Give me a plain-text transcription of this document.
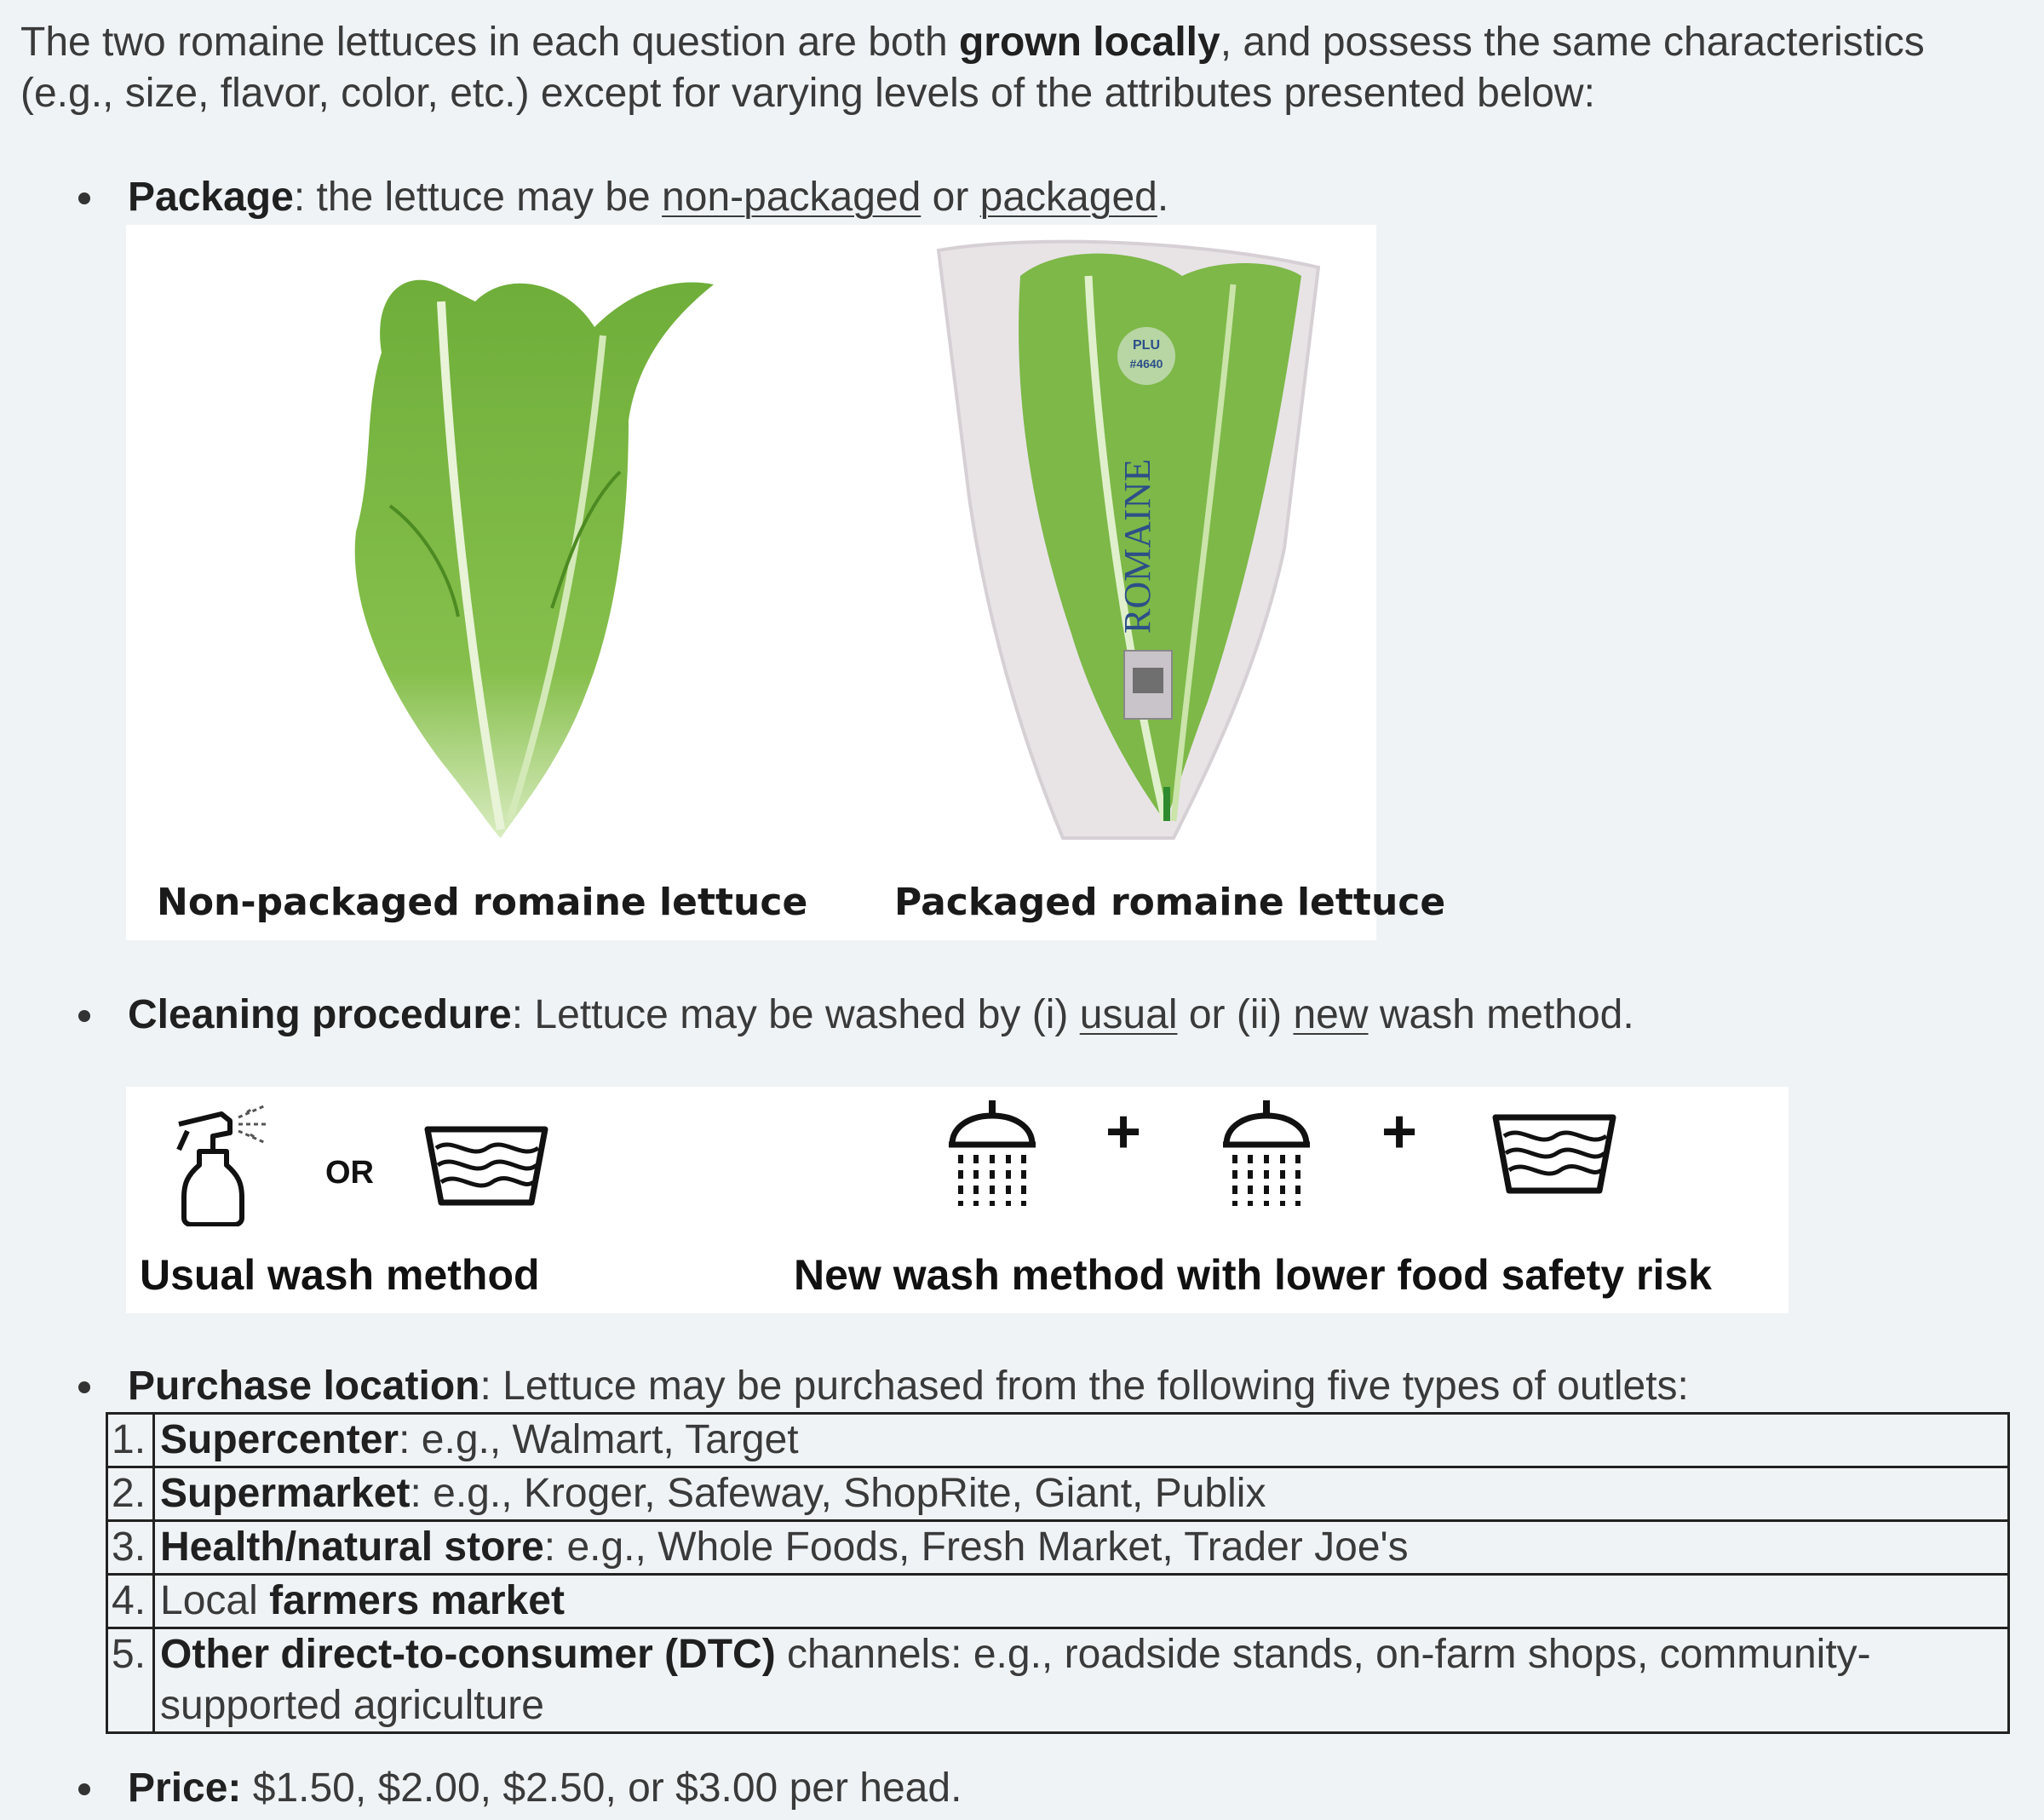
The two romaine lettuces in each question are both grown locally, and possess the same characteristics (e.g., size, flavor, color, etc.) except for varying levels of the attributes presented below:

Package: the lettuce may be non-packaged or packaged.
Non-packaged romaine lettuce
PLU
#4640
ROMAINE
Packaged romaine lettuce
Cleaning procedure: Lettuce may be washed by (i) usual or (ii) new wash method.
OR
Usual wash method
+	+
New wash method with lower food safety risk
Purchase location: Lettuce may be purchased from the following five types of outlets:
1.	Supercenter: e.g., Walmart, Target
2.	Supermarket: e.g., Kroger, Safeway, ShopRite, Giant, Publix
3.	Health/natural store: e.g., Whole Foods, Fresh Market, Trader Joe's
4.	Local farmers market
5.	Other direct-to-consumer (DTC) channels: e.g., roadside stands, on-farm shops, community-supported agriculture
Price: $1.50, $2.00, $2.50, or $3.00 per head.
